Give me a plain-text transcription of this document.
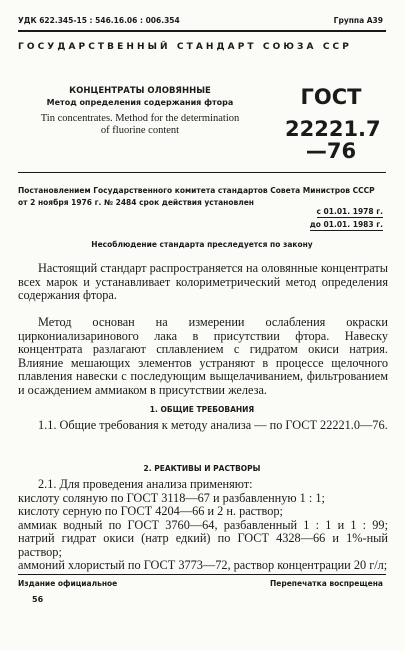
УДК 622.345-15 : 546.16.06 : 006.354	Группа А39
ГОСУДАРСТВЕННЫЙ СТАНДАРТ СОЮЗА ССР
КОНЦЕНТРАТЫ ОЛОВЯННЫЕ
Метод определения содержания фтора
Tin concentrates. Method for the determination of fluorine content
ГОСТ
22221.7—76
Постановлением Государственного комитета стандартов Совета Министров СССР от 2 ноября 1976 г. № 2484 срок действия установлен
с 01.01. 1978 г.
до 01.01. 1983 г.
Несоблюдение стандарта преследуется по закону
Настоящий стандарт распространяется на оловянные концентраты всех марок и устанавливает колориметрический метод определения содержания фтора.
Метод основан на измерении ослабления окраски циркониализаринового лака в присутствии фтора. Навеску концентрата разлагают сплавлением с гидратом окиси натрия. Влияние мешающих элементов устраняют в процессе щелочного плавления навески с последующим выщелачиванием, фильтрованием и осаждением аммиаком в присутствии железа.
1. ОБЩИЕ ТРЕБОВАНИЯ
1.1. Общие требования к методу анализа — по ГОСТ 22221.0—76.
2. РЕАКТИВЫ И РАСТВОРЫ
2.1. Для проведения анализа применяют:
кислоту соляную по ГОСТ 3118—67 и разбавленную 1 : 1;
кислоту серную по ГОСТ 4204—66 и 2 н. раствор;
аммиак водный по ГОСТ 3760—64, разбавленный 1 : 1 и 1 : 99;
натрий гидрат окиси (натр едкий) по ГОСТ 4328—66 и 1%-ный раствор;
аммоний хлористый по ГОСТ 3773—72, раствор концентрации 20 г/л;
Издание официальное	Перепечатка воспрещена
56
